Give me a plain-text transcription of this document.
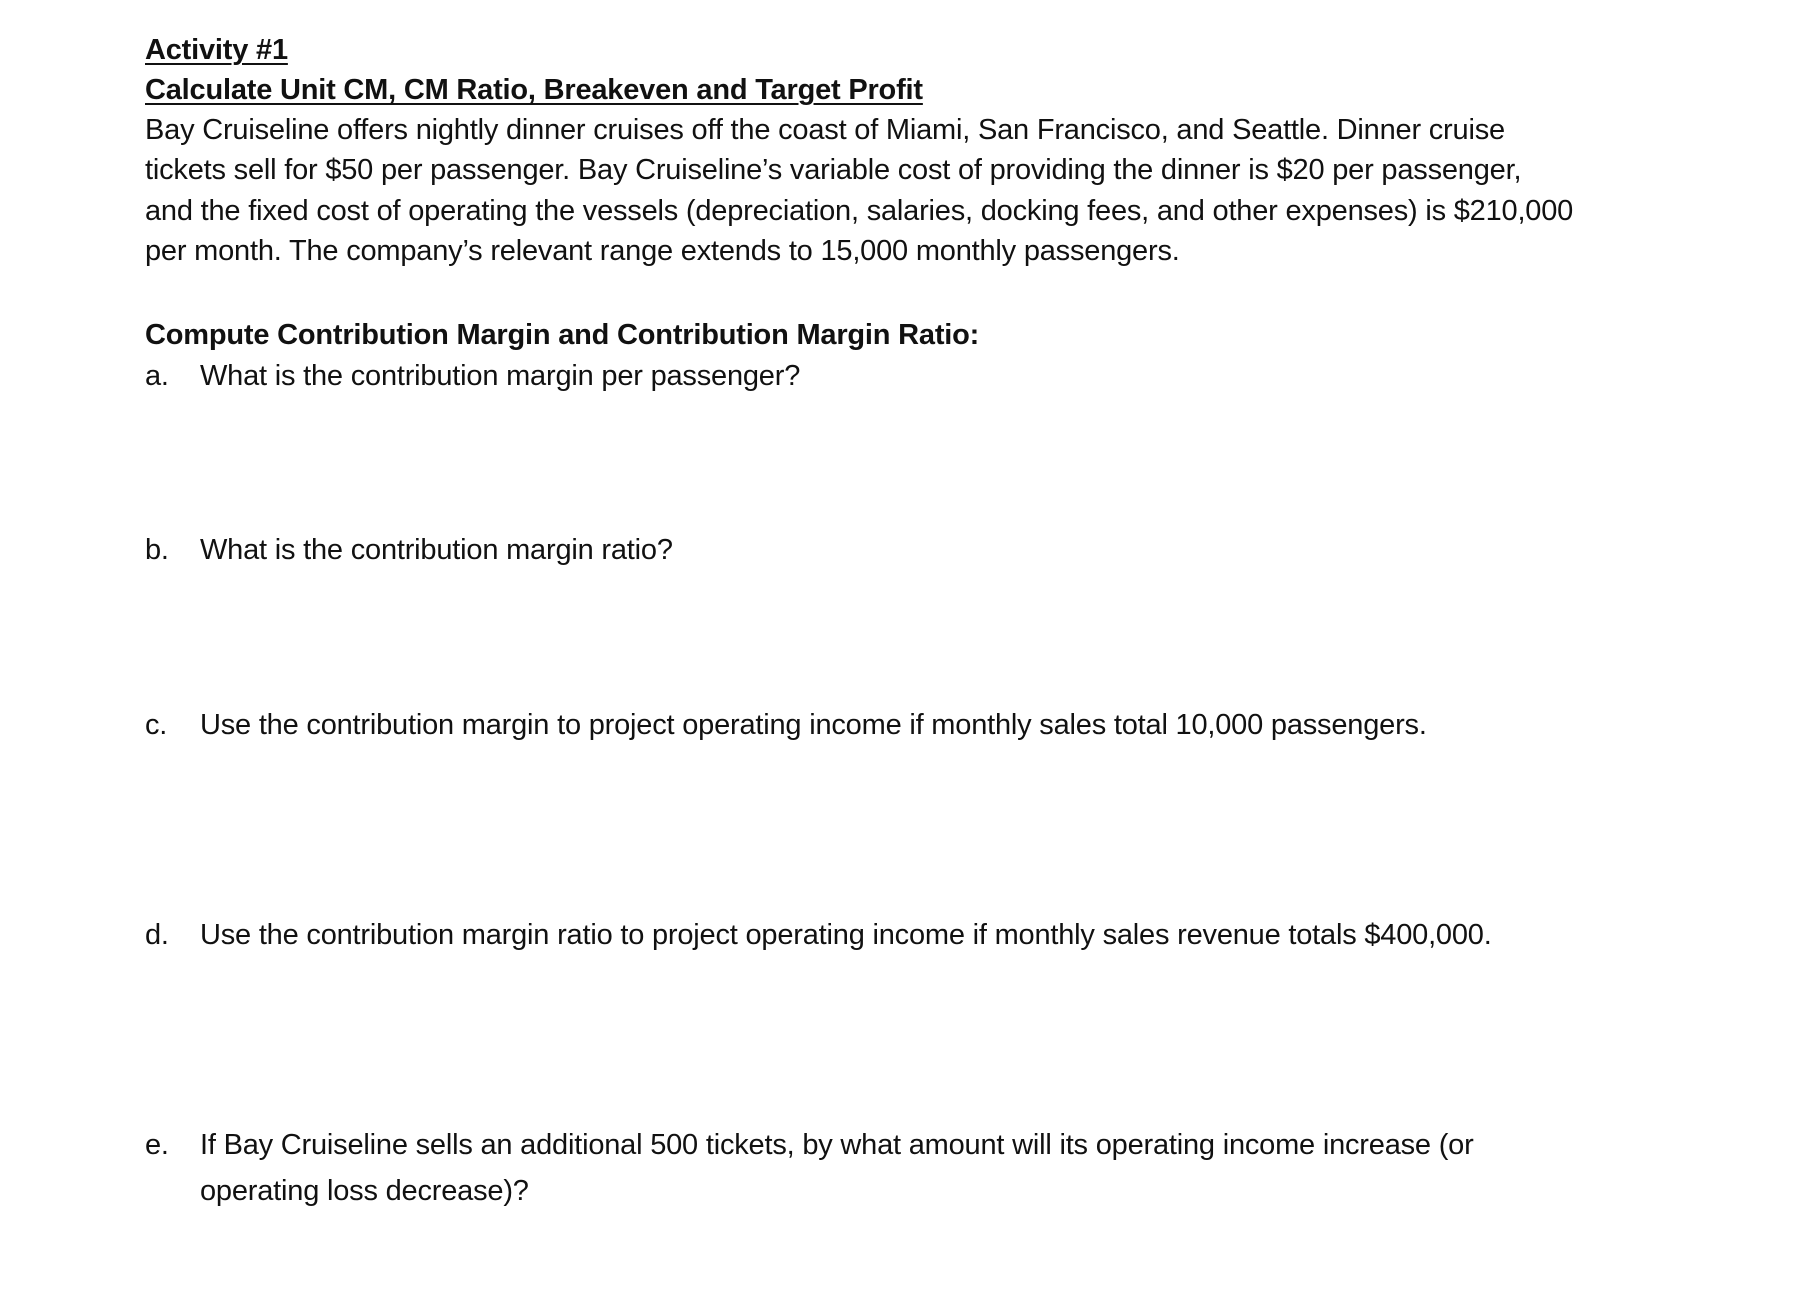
Activity #1
Calculate Unit CM, CM Ratio, Breakeven and Target Profit
Bay Cruiseline offers nightly dinner cruises off the coast of Miami, San Francisco, and Seattle. Dinner cruise
tickets sell for $50 per passenger. Bay Cruiseline’s variable cost of providing the dinner is $20 per passenger,
and the fixed cost of operating the vessels (depreciation, salaries, docking fees, and other expenses) is $210,000
per month. The company’s relevant range extends to 15,000 monthly passengers.
Compute Contribution Margin and Contribution Margin Ratio:
a.	What is the contribution margin per passenger?
b.	What is the contribution margin ratio?
c.	Use the contribution margin to project operating income if monthly sales total 10,000 passengers.
d.	Use the contribution margin ratio to project operating income if monthly sales revenue totals $400,000.
e.	If Bay Cruiseline sells an additional 500 tickets, by what amount will its operating income increase (or
operating loss decrease)?
